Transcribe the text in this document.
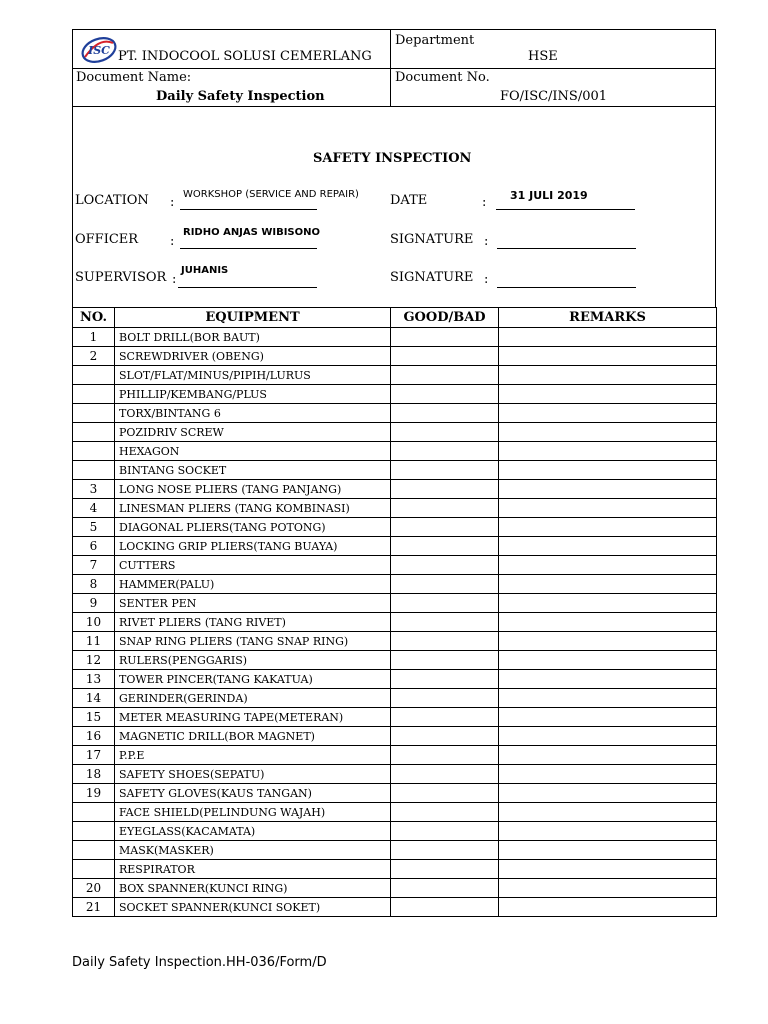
ISC PT. INDOCOOL SOLUSI CEMERLANG
Department
HSE
Document Name:
Daily Safety Inspection
Document No.
FO/ISC/INS/001
SAFETY INSPECTION
LOCATION :
WORKSHOP (SERVICE AND REPAIR) DATE	: 31 JULI 2019
OFFICER :
RIDHO ANJAS WIBISONO	SIGNATURE :
SUPERVISOR :
JUHANIS	SIGNATURE :
NO.	EQUIPMENT	GOOD/BAD	REMARKS
1	BOLT DRILL(BOR BAUT)		
2	SCREWDRIVER (OBENG)		
	SLOT/FLAT/MINUS/PIPIH/LURUS		
	PHILLIP/KEMBANG/PLUS		
	TORX/BINTANG 6		
	POZIDRIV SCREW		
	HEXAGON		
	BINTANG SOCKET		
3	LONG NOSE PLIERS (TANG PANJANG)		
4	LINESMAN PLIERS (TANG KOMBINASI)		
5	DIAGONAL PLIERS(TANG POTONG)		
6	LOCKING GRIP PLIERS(TANG BUAYA)		
7	CUTTERS		
8	HAMMER(PALU)		
9	SENTER PEN		
10	RIVET PLIERS (TANG RIVET)		
11	SNAP RING PLIERS (TANG SNAP RING)		
12	RULERS(PENGGARIS)		
13	TOWER PINCER(TANG KAKATUA)		
14	GERINDER(GERINDA)		
15	METER MEASURING TAPE(METERAN)		
16	MAGNETIC DRILL(BOR MAGNET)		
17	P.P.E		
18	SAFETY SHOES(SEPATU)		
19	SAFETY GLOVES(KAUS TANGAN)		
	FACE SHIELD(PELINDUNG WAJAH)		
	EYEGLASS(KACAMATA)		
	MASK(MASKER)		
	RESPIRATOR		
20	BOX SPANNER(KUNCI RING)		
21	SOCKET SPANNER(KUNCI SOKET)		
Daily Safety Inspection.HH-036/Form/D
